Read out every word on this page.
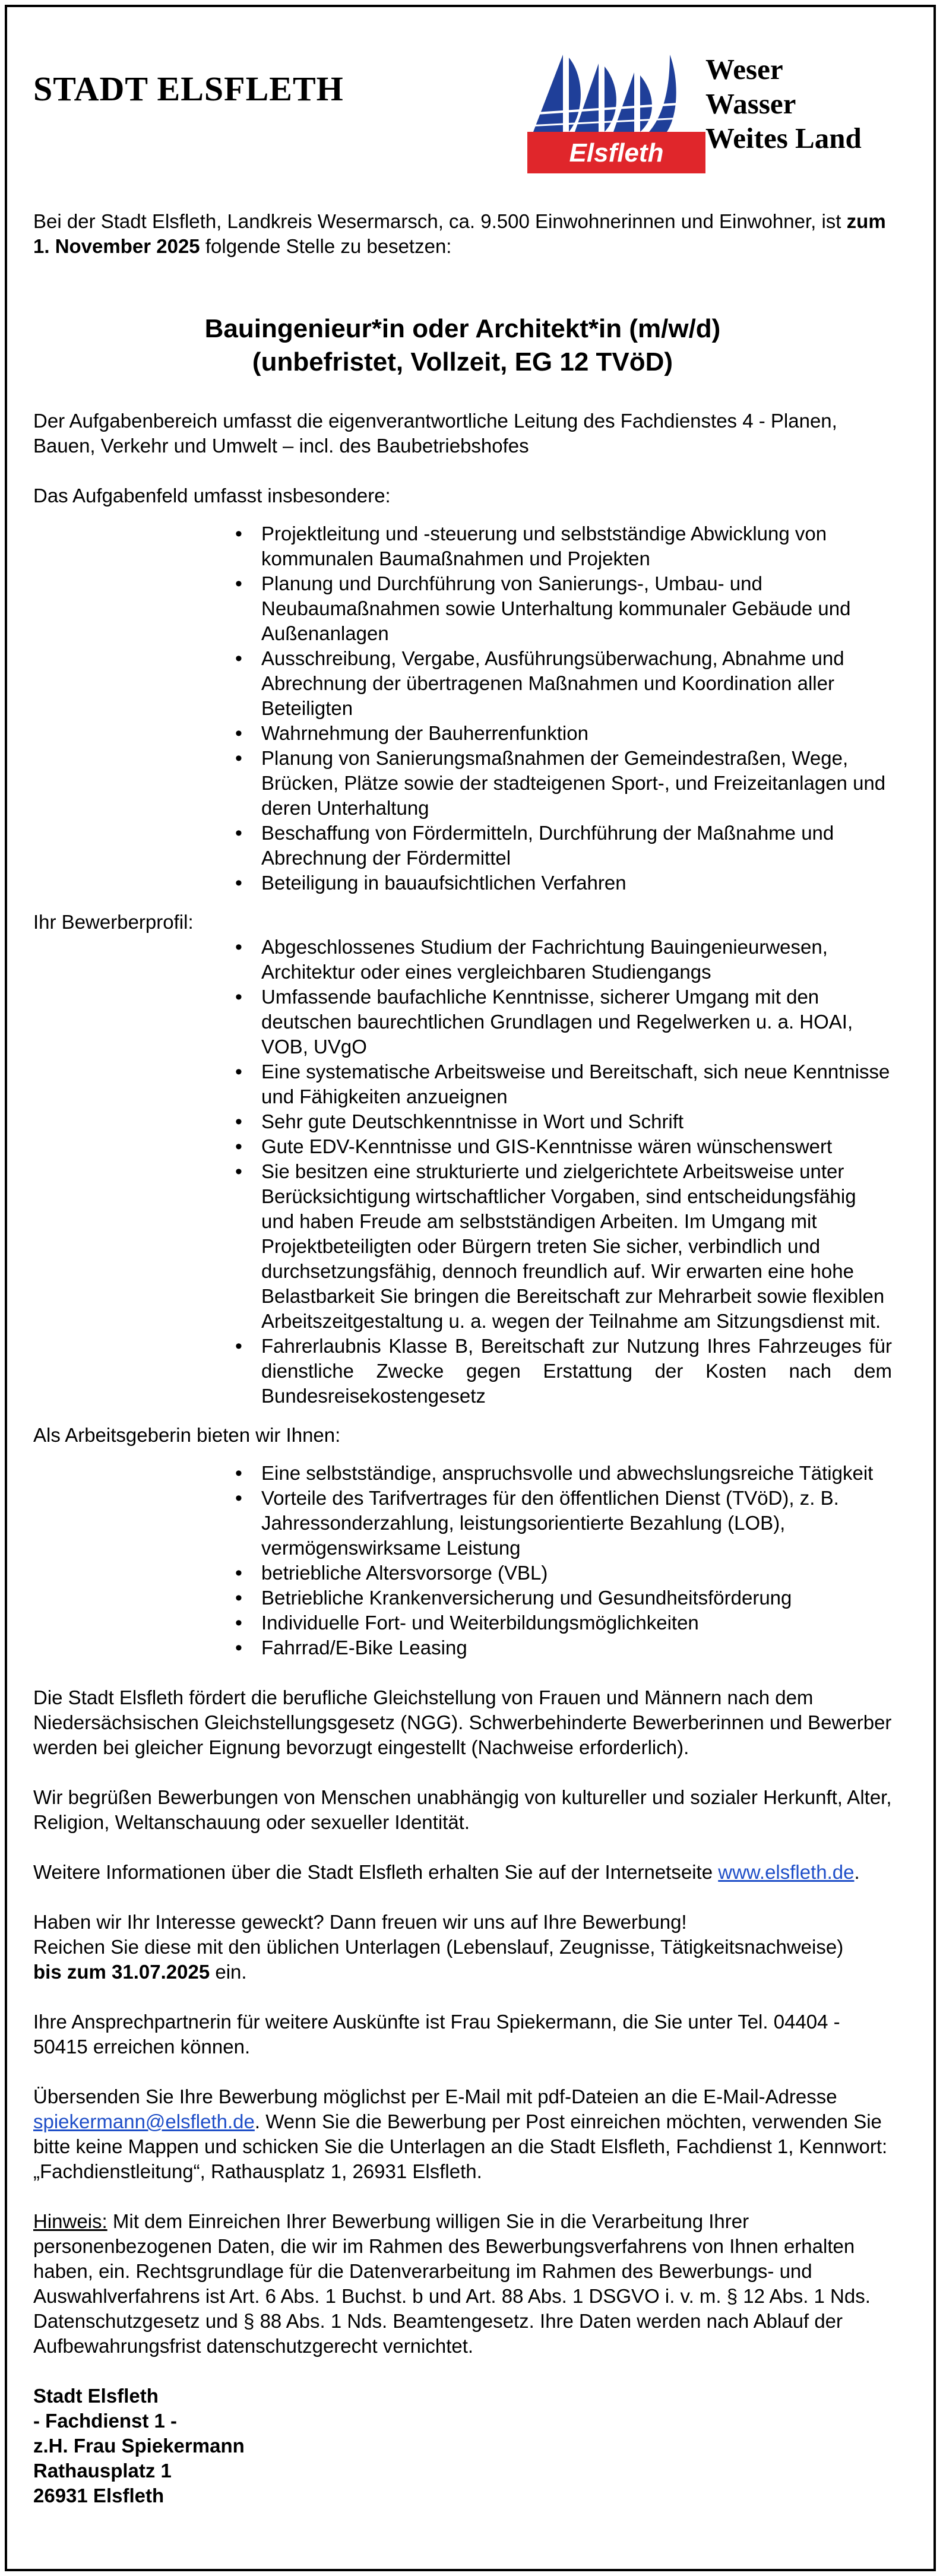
STADT ELSFLETH
Elsfleth
Weser
Wasser
Weites Land

Bei der Stadt Elsfleth, Landkreis Wesermarsch, ca. 9.500 Einwohnerinnen und Einwohner, ist zum 1. November 2025 folgende Stelle zu besetzen:

Bauingenieur*in oder Architekt*in (m/w/d)
(unbefristet, Vollzeit, EG 12 TVöD)

Der Aufgabenbereich umfasst die eigenverantwortliche Leitung des Fachdienstes 4 - Planen, Bauen, Verkehr und Umwelt – incl. des Baubetriebshofes

Das Aufgabenfeld umfasst insbesondere:

• Projektleitung und -steuerung und selbstständige Abwicklung von kommunalen Baumaßnahmen und Projekten
• Planung und Durchführung von Sanierungs-, Umbau- und Neubaumaßnahmen sowie Unterhaltung kommunaler Gebäude und Außenanlagen
• Ausschreibung, Vergabe, Ausführungsüberwachung, Abnahme und Abrechnung der übertragenen Maßnahmen und Koordination aller Beteiligten
• Wahrnehmung der Bauherrenfunktion
• Planung von Sanierungsmaßnahmen der Gemeindestraßen, Wege, Brücken, Plätze sowie der stadteigenen Sport-, und Freizeitanlagen und deren Unterhaltung
• Beschaffung von Fördermitteln, Durchführung der Maßnahme und Abrechnung der Fördermittel
• Beteiligung in bauaufsichtlichen Verfahren

Ihr Bewerberprofil:

• Abgeschlossenes Studium der Fachrichtung Bauingenieurwesen, Architektur oder eines vergleichbaren Studiengangs
• Umfassende baufachliche Kenntnisse, sicherer Umgang mit den deutschen baurechtlichen Grundlagen und Regelwerken u. a. HOAI, VOB, UVgO
• Eine systematische Arbeitsweise und Bereitschaft, sich neue Kenntnisse und Fähigkeiten anzueignen
• Sehr gute Deutschkenntnisse in Wort und Schrift
• Gute EDV-Kenntnisse und GIS-Kenntnisse wären wünschenswert
• Sie besitzen eine strukturierte und zielgerichtete Arbeitsweise unter Berücksichtigung wirtschaftlicher Vorgaben, sind entscheidungsfähig und haben Freude am selbstständigen Arbeiten. Im Umgang mit Projektbeteiligten oder Bürgern treten Sie sicher, verbindlich und durchsetzungsfähig, dennoch freundlich auf. Wir erwarten eine hohe Belastbarkeit Sie bringen die Bereitschaft zur Mehrarbeit sowie flexiblen Arbeitszeitgestaltung u. a. wegen der Teilnahme am Sitzungsdienst mit.
• Fahrerlaubnis Klasse B, Bereitschaft zur Nutzung Ihres Fahrzeuges für dienstliche Zwecke gegen Erstattung der Kosten nach dem Bundesreisekostengesetz

Als Arbeitsgeberin bieten wir Ihnen:

• Eine selbstständige, anspruchsvolle und abwechslungsreiche Tätigkeit
• Vorteile des Tarifvertrages für den öffentlichen Dienst (TVöD), z. B. Jahressonderzahlung, leistungsorientierte Bezahlung (LOB), vermögenswirksame Leistung
• betriebliche Altersvorsorge (VBL)
• Betriebliche Krankenversicherung und Gesundheitsförderung
• Individuelle Fort- und Weiterbildungsmöglichkeiten
• Fahrrad/E-Bike Leasing

Die Stadt Elsfleth fördert die berufliche Gleichstellung von Frauen und Männern nach dem Niedersächsischen Gleichstellungsgesetz (NGG). Schwerbehinderte Bewerberinnen und Bewerber werden bei gleicher Eignung bevorzugt eingestellt (Nachweise erforderlich).

Wir begrüßen Bewerbungen von Menschen unabhängig von kultureller und sozialer Herkunft, Alter, Religion, Weltanschauung oder sexueller Identität.

Weitere Informationen über die Stadt Elsfleth erhalten Sie auf der Internetseite www.elsfleth.de.

Haben wir Ihr Interesse geweckt? Dann freuen wir uns auf Ihre Bewerbung!
Reichen Sie diese mit den üblichen Unterlagen (Lebenslauf, Zeugnisse, Tätigkeitsnachweise)
bis zum 31.07.2025 ein.

Ihre Ansprechpartnerin für weitere Auskünfte ist Frau Spiekermann, die Sie unter Tel. 04404 - 50415 erreichen können.

Übersenden Sie Ihre Bewerbung möglichst per E-Mail mit pdf-Dateien an die E-Mail-Adresse spiekermann@elsfleth.de. Wenn Sie die Bewerbung per Post einreichen möchten, verwenden Sie bitte keine Mappen und schicken Sie die Unterlagen an die Stadt Elsfleth, Fachdienst 1, Kennwort: „Fachdienstleitung“, Rathausplatz 1, 26931 Elsfleth.

Hinweis: Mit dem Einreichen Ihrer Bewerbung willigen Sie in die Verarbeitung Ihrer personenbezogenen Daten, die wir im Rahmen des Bewerbungsverfahrens von Ihnen erhalten haben, ein. Rechtsgrundlage für die Datenverarbeitung im Rahmen des Bewerbungs- und Auswahlverfahrens ist Art. 6 Abs. 1 Buchst. b und Art. 88 Abs. 1 DSGVO i. v. m. § 12 Abs. 1 Nds. Datenschutzgesetz und § 88 Abs. 1 Nds. Beamtengesetz. Ihre Daten werden nach Ablauf der Aufbewahrungsfrist datenschutzgerecht vernichtet.

Stadt Elsfleth
- Fachdienst 1 -
z.H. Frau Spiekermann
Rathausplatz 1
26931 Elsfleth
